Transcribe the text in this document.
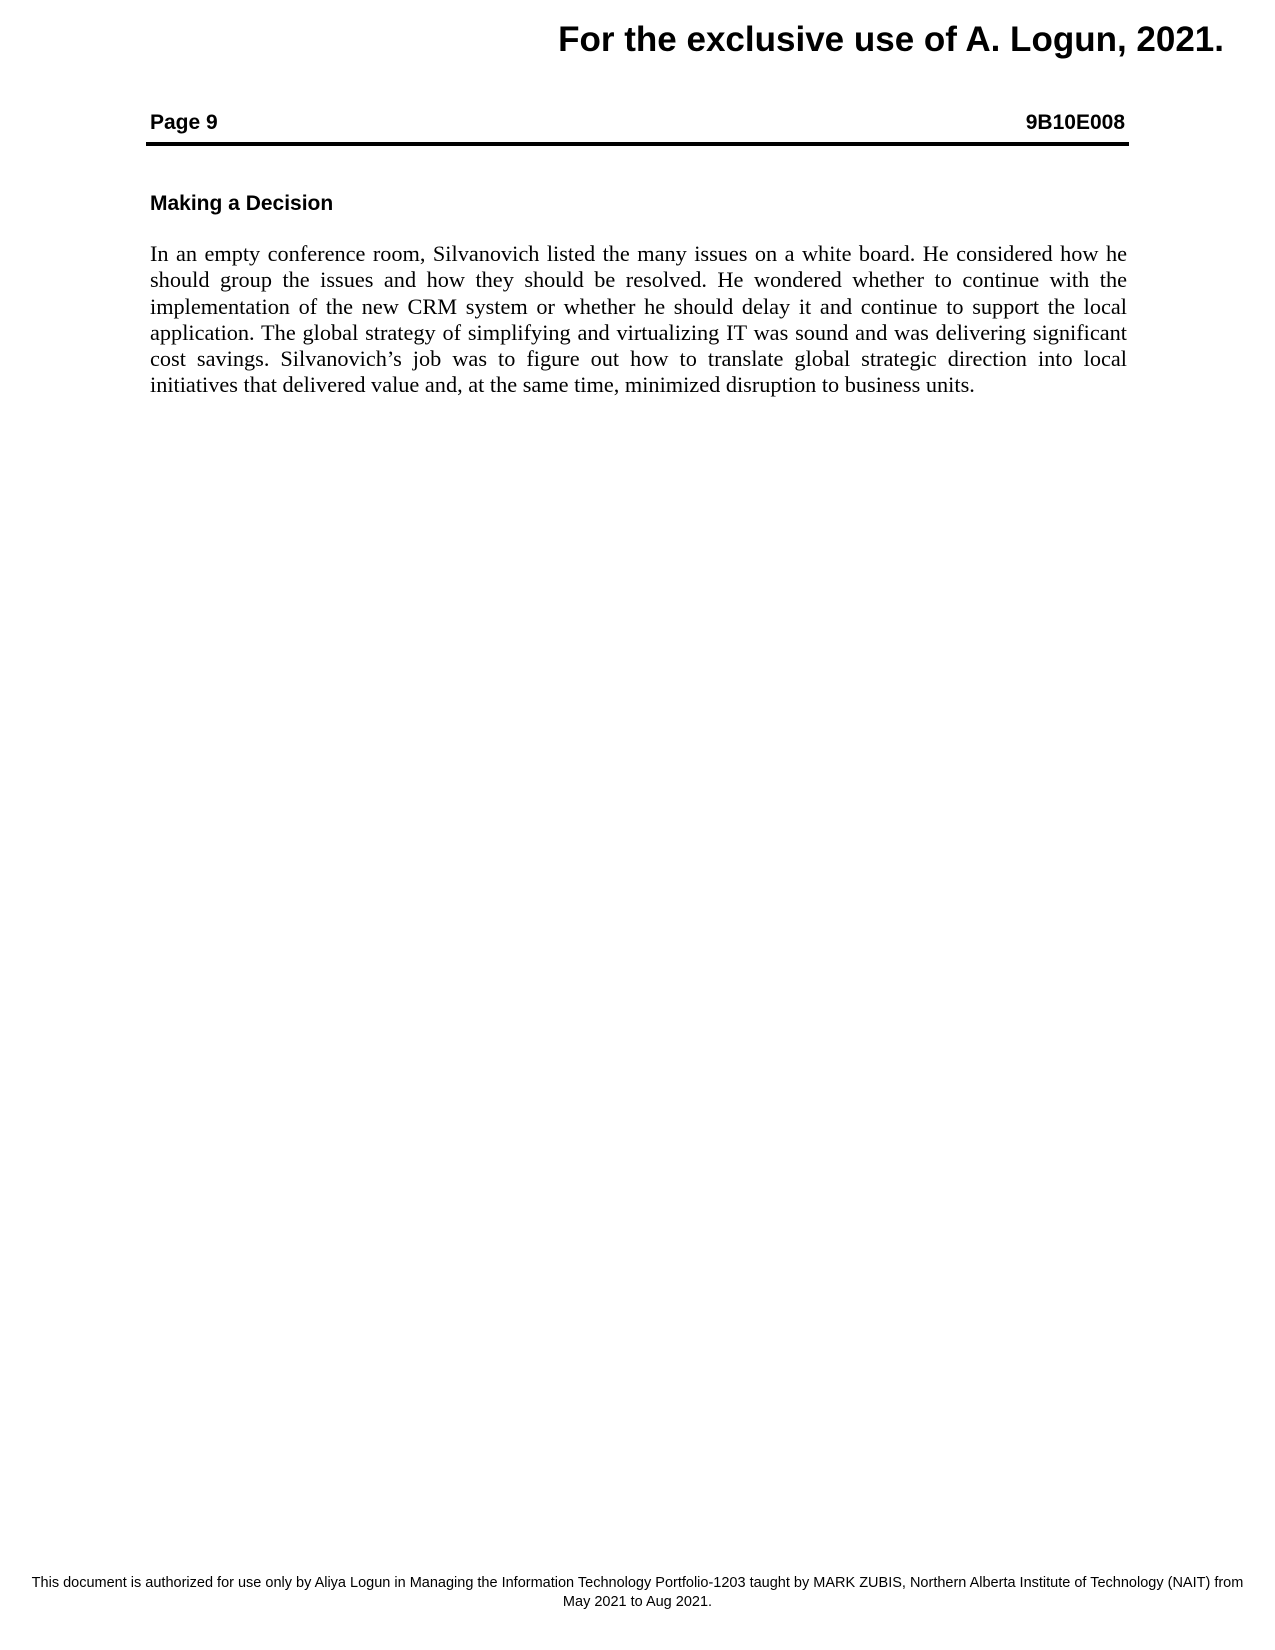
For the exclusive use of A. Logun, 2021.
Page 9	9B10E008
Making a Decision

In an empty conference room, Silvanovich listed the many issues on a white board. He considered how he should group the issues and how they should be resolved. He wondered whether to continue with the implementation of the new CRM system or whether he should delay it and continue to support the local application. The global strategy of simplifying and virtualizing IT was sound and was delivering significant cost savings. Silvanovich’s job was to figure out how to translate global strategic direction into local initiatives that delivered value and, at the same time, minimized disruption to business units.

This document is authorized for use only by Aliya Logun in Managing the Information Technology Portfolio-1203 taught by MARK ZUBIS, Northern Alberta Institute of Technology (NAIT) from
May 2021 to Aug 2021.
